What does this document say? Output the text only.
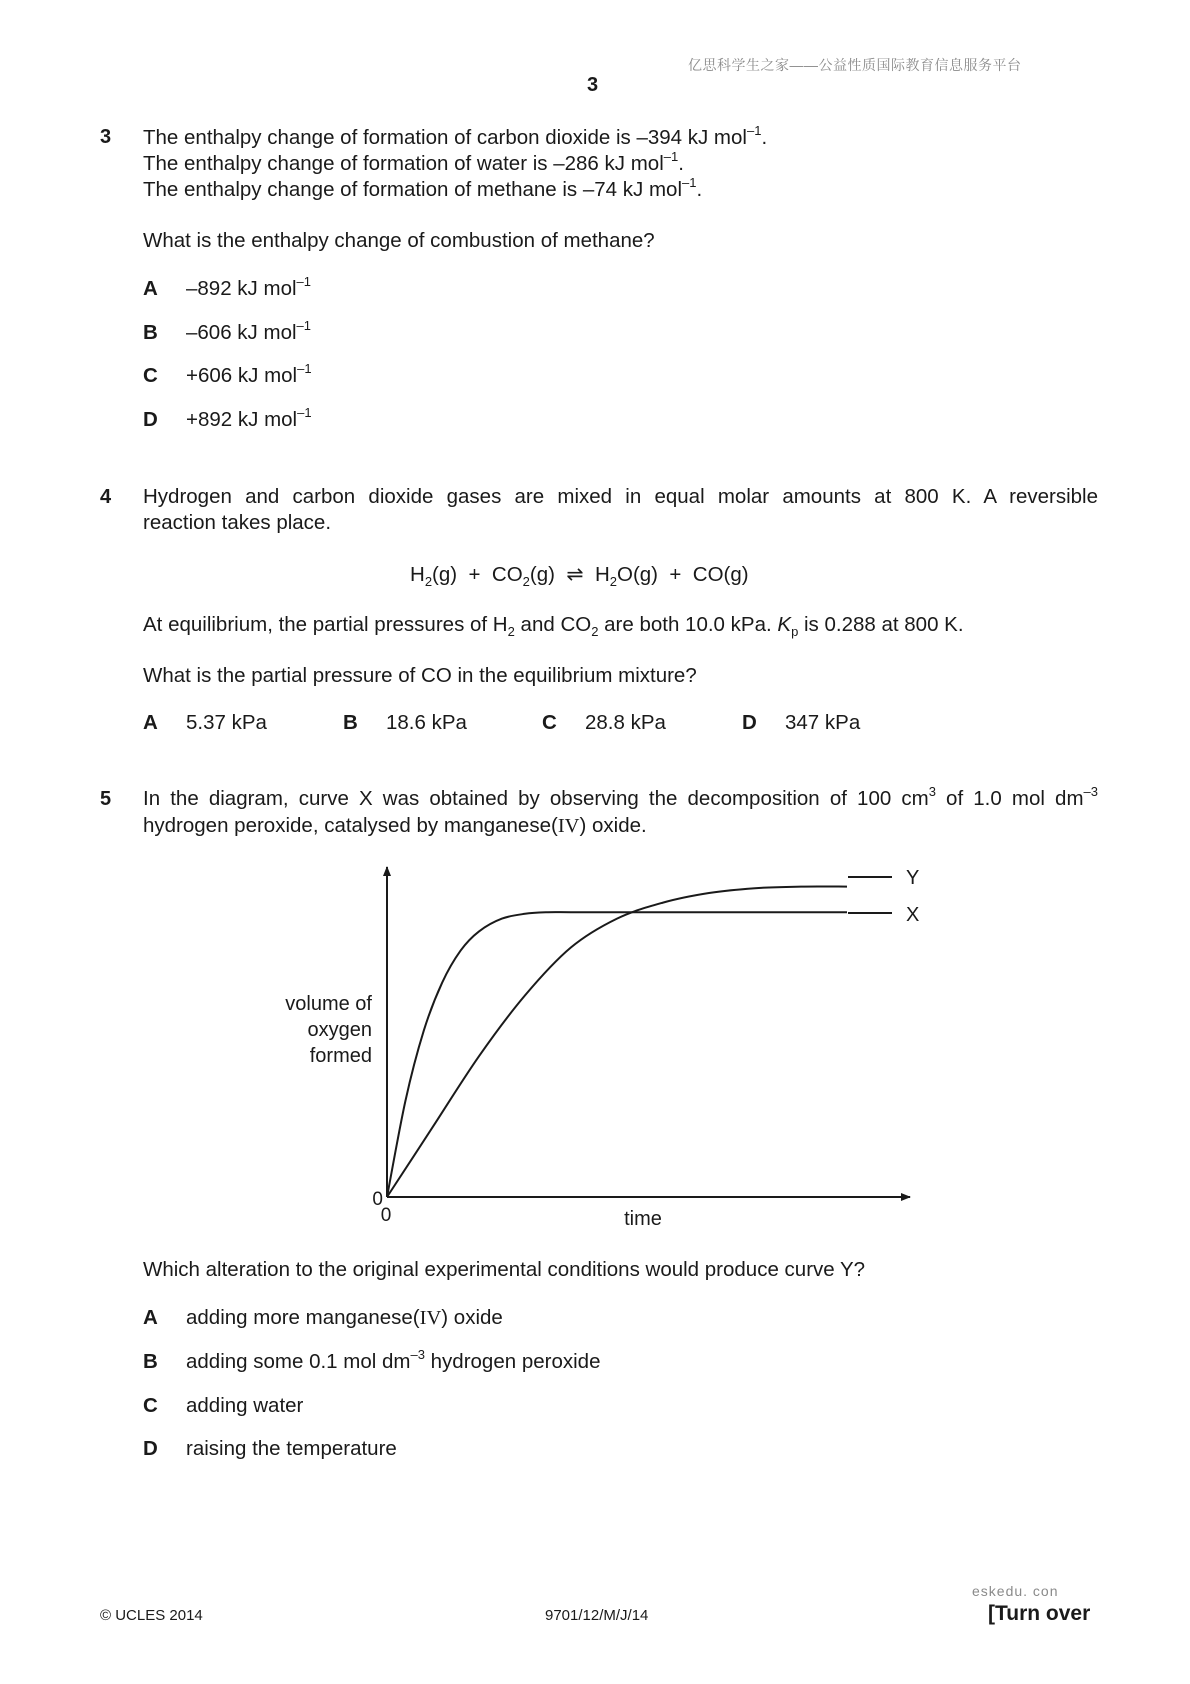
亿思科学生之家——公益性质国际教育信息服务平台
3
3 The enthalpy change of formation of carbon dioxide is –394 kJ mol$^{-1}$.
The enthalpy change of formation of water is –286 kJ mol$^{-1}$.
The enthalpy change of formation of methane is –74 kJ mol$^{-1}$.
What is the enthalpy change of combustion of methane?
A –892 kJ mol$^{-1}$
B –606 kJ mol$^{-1}$
C +606 kJ mol$^{-1}$
D +892 kJ mol$^{-1}$
4 Hydrogen and carbon dioxide gases are mixed in equal molar amounts at 800 K. A reversible
reaction takes place.
$H_2(g) + CO_2(g)$ ⇌ $H_2O(g) + CO(g)$
At equilibrium, the partial pressures of $H_2$ and $CO_2$ are both 10.0 kPa. $K_p$ is 0.288 at 800 K.
What is the partial pressure of CO in the equilibrium mixture?
A 5.37 kPa	B 18.6 kPa	C 28.8 kPa	D 347 kPa
5 In the diagram, curve X was obtained by observing the decomposition of 100 $cm^3$ of 1.0 mol $dm^{-3}$
hydrogen peroxide, catalysed by manganese(IV) oxide.
Y
X
volume of
oxygen
formed
0
0	time
Which alteration to the original experimental conditions would produce curve Y?
A adding more manganese(IV) oxide
B adding some 0.1 mol $dm^{-3}$ hydrogen peroxide
C adding water
D raising the temperature
eskedu. con
© UCLES 2014	9701/12/M/J/14	[Turn over
